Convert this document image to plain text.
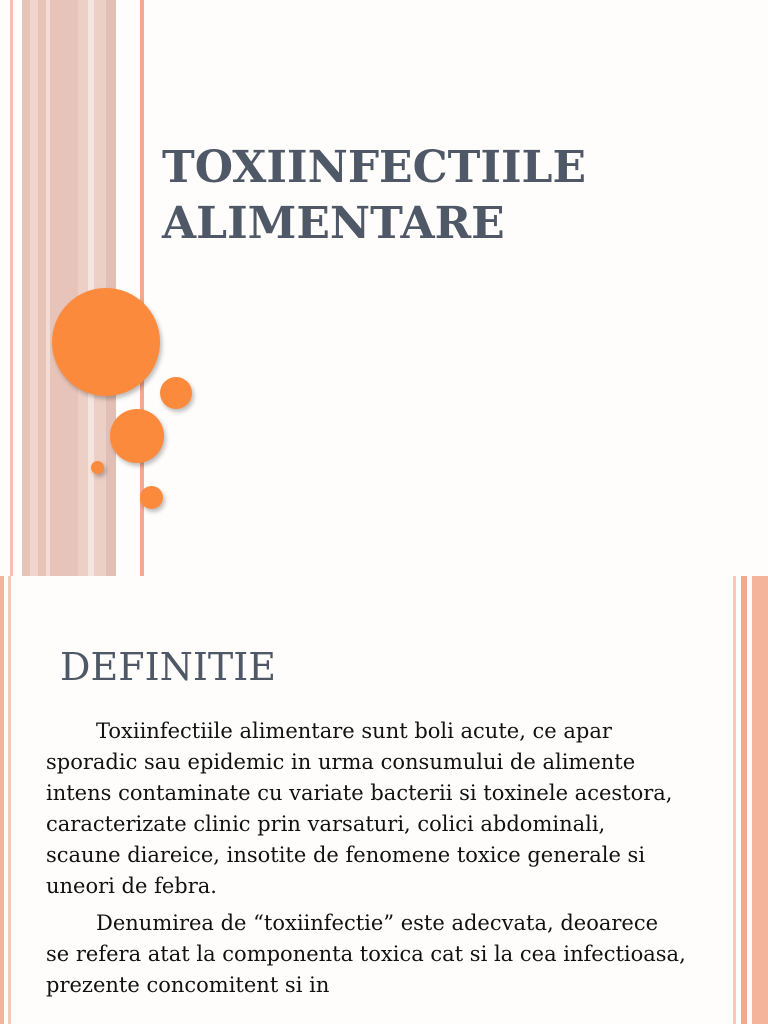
TOXIINFECTIILE
ALIMENTARE
DEFINITIE

Toxiinfectiile alimentare sunt boli acute, ce apar sporadic sau epidemic in urma consumului de alimente intens contaminate cu variate bacterii si toxinele acestora, caracterizate clinic prin varsaturi, colici abdominali, scaune diareice, insotite de fenomene toxice generale si uneori de febra.

Denumirea de “toxiinfectie” este adecvata, deoarece se refera atat la componenta toxica cat si la cea infectioasa, prezente concomitent si in
